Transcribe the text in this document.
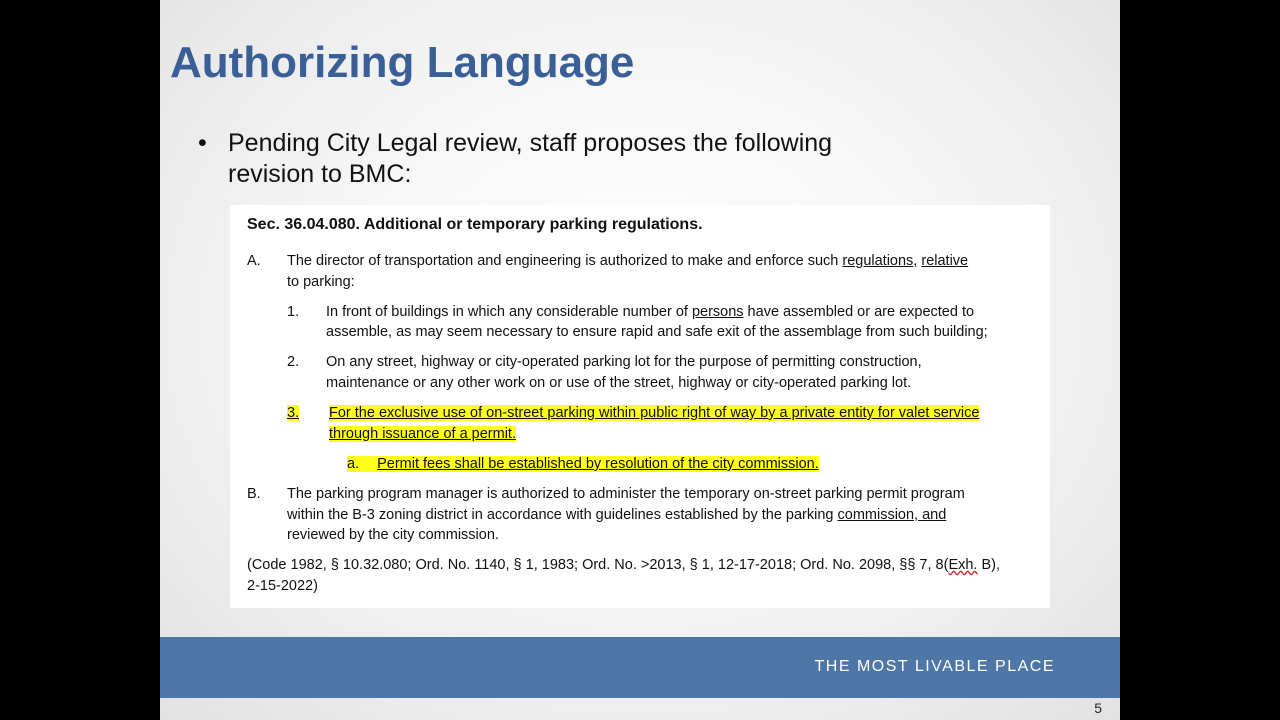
Authorizing Language
• Pending City Legal review, staff proposes the following
revision to BMC:
Sec. 36.04.080. Additional or temporary parking regulations.
A. The director of transportation and engineering is authorized to make and enforce such regulations, relative
to parking:
1. In front of buildings in which any considerable number of persons have assembled or are expected to
assemble, as may seem necessary to ensure rapid and safe exit of the assemblage from such building;
2. On any street, highway or city-operated parking lot for the purpose of permitting construction,
maintenance or any other work on or use of the street, highway or city-operated parking lot.
3. For the exclusive use of on-street parking within public right of way by a private entity for valet service
through issuance of a permit.
a. Permit fees shall be established by resolution of the city commission.
B. The parking program manager is authorized to administer the temporary on-street parking permit program
within the B-3 zoning district in accordance with guidelines established by the parking commission, and
reviewed by the city commission.
(Code 1982, § 10.32.080; Ord. No. 1140, § 1, 1983; Ord. No. >2013, § 1, 12-17-2018; Ord. No. 2098, §§ 7, 8(Exh. B),
2-15-2022)
THE MOST LIVABLE PLACE
5
